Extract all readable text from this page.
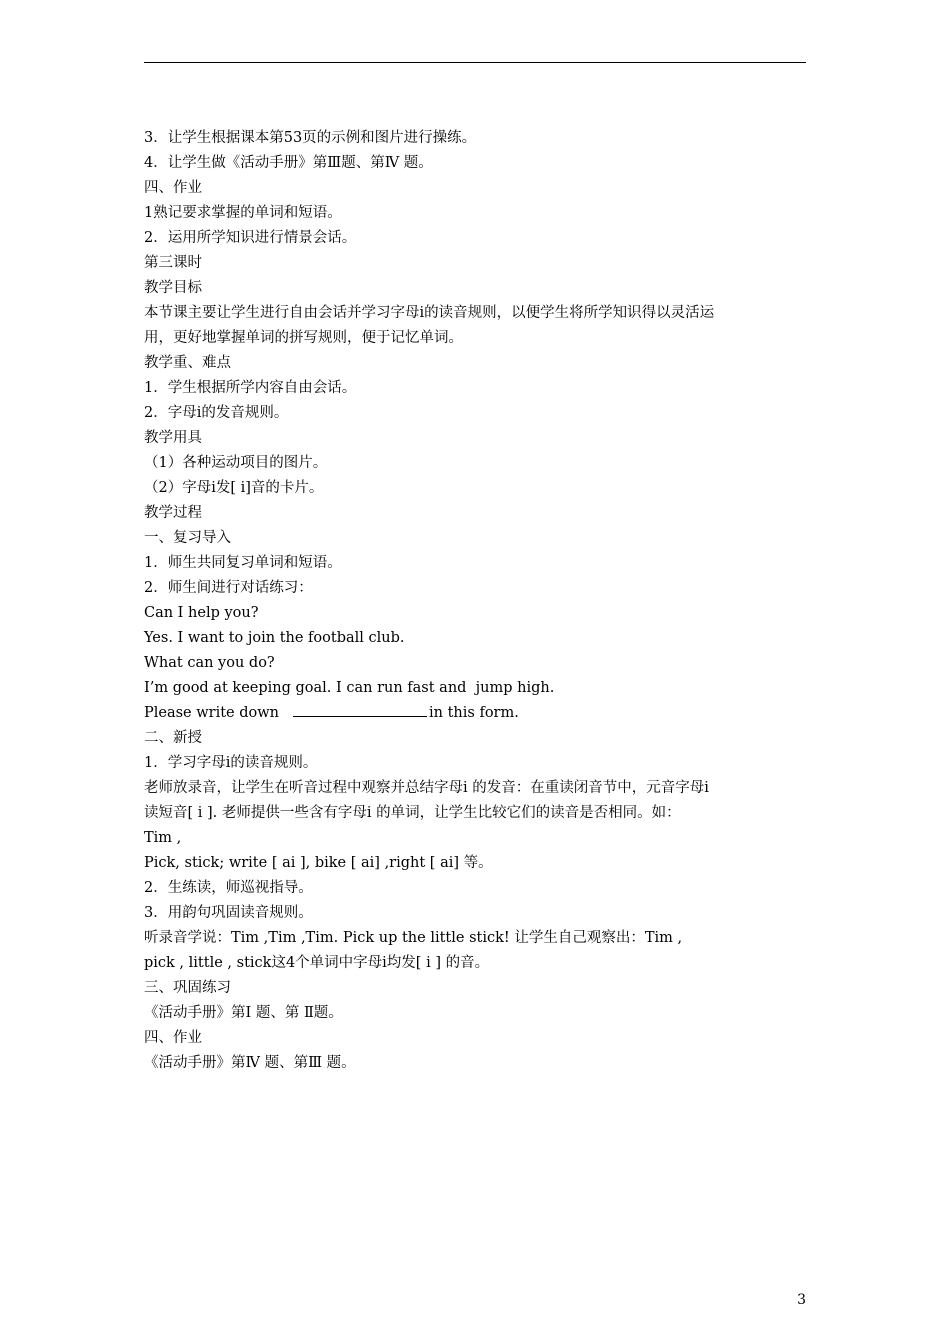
3．让学生根据课本第53页的示例和图片进行操练。
4．让学生做《活动手册》第Ⅲ题、第Ⅳ 题。
四、作业
1熟记要求掌握的单词和短语。
2．运用所学知识进行情景会话。
第三课时
教学目标
本节课主要让学生进行自由会话并学习字母i的读音规则，以便学生将所学知识得以灵活运
用，更好地掌握单词的拼写规则，便于记忆单词。
教学重、难点
1．学生根据所学内容自由会话。
2．字母i的发音规则。
教学用具
（1）各种运动项目的图片。
（2）字母i发[ i]音的卡片。
教学过程
一、复习导入
1．师生共同复习单词和短语。
2．师生间进行对话练习：
Can I help you?
Yes. I want to join the football club.
What can you do?
I’m good at keeping goal. I can run fast and  jump high.
Please write down	in this form.
二、新授
1．学习字母i的读音规则。
老师放录音，让学生在听音过程中观察并总结字母i 的发音：在重读闭音节中，元音字母i
读短音[ i ]. 老师提供一些含有字母i 的单词，让学生比较它们的读音是否相同。如：
Tim ,
Pick, stick; write [ ai ], bike [ ai] ,right [ ai] 等。
2．生练读，师巡视指导。
3．用韵句巩固读音规则。
听录音学说：Tim ,Tim ,Tim. Pick up the little stick! 让学生自己观察出：Tim ,
pick , little , stick这4个单词中字母i均发[ i ] 的音。
三、巩固练习
《活动手册》第Ⅰ 题、第 Ⅱ题。
四、作业
《活动手册》第Ⅳ 题、第Ⅲ 题。
3
